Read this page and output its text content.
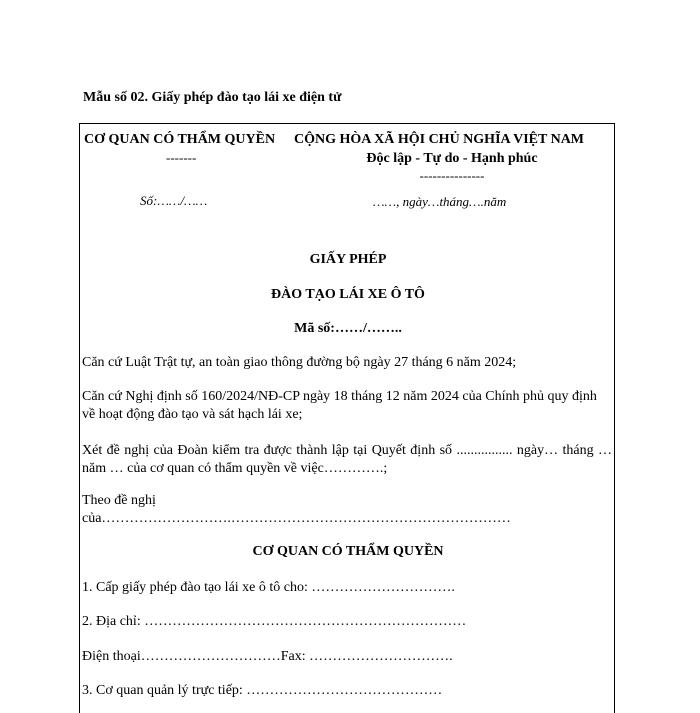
Mẫu số 02. Giấy phép đào tạo lái xe điện tử
CƠ QUAN CÓ THẨM QUYỀN
-------
CỘNG HÒA XÃ HỘI CHỦ NGHĨA VIỆT NAM
Độc lập - Tự do - Hạnh phúc
---------------
Số:……/……	……, ngày…tháng….năm
GIẤY PHÉP
ĐÀO TẠO LÁI XE Ô TÔ
Mã số:……/……..
Căn cứ Luật Trật tự, an toàn giao thông đường bộ ngày 27 tháng 6 năm 2024;
Căn cứ Nghị định số 160/2024/NĐ-CP ngày 18 tháng 12 năm 2024 của Chính phủ quy định về hoạt động đào tạo và sát hạch lái xe;
Xét đề nghị của Đoàn kiểm tra được thành lập tại Quyết định số ................ ngày… tháng … năm … của cơ quan có thẩm quyền về việc………….;
Theo đề nghị
của……………………….……………………………………………………
CƠ QUAN CÓ THẨM QUYỀN
1. Cấp giấy phép đào tạo lái xe ô tô cho: ………………………….
2. Địa chỉ: ……………………………………………………………
Điện thoại…………………………Fax: ………………………….
3. Cơ quan quản lý trực tiếp: ……………………………………
